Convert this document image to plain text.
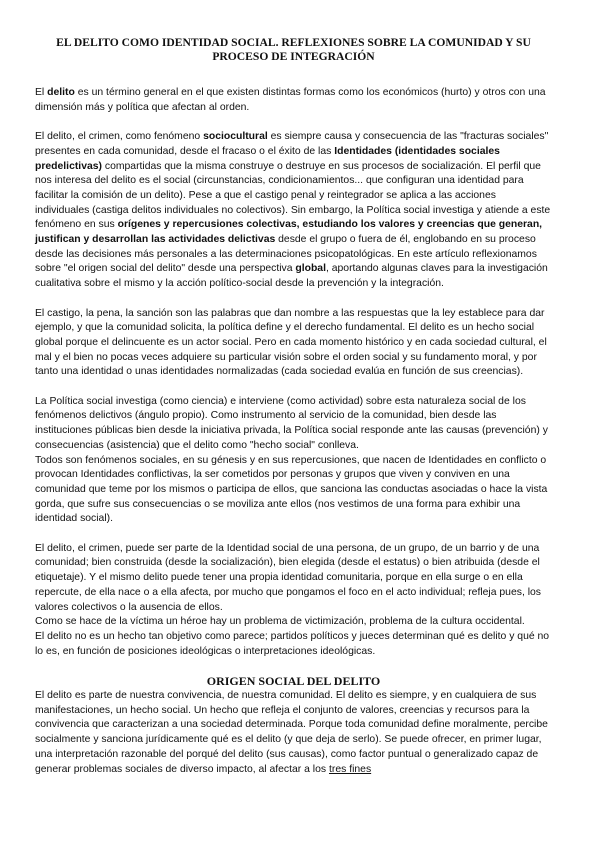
EL DELITO COMO IDENTIDAD SOCIAL. REFLEXIONES SOBRE LA COMUNIDAD Y SU PROCESO DE INTEGRACIÓN

El delito es un término general en el que existen distintas formas como los económicos (hurto) y otros con una dimensión más y política que afectan al orden.

El delito, el crimen, como fenómeno sociocultural es siempre causa y consecuencia de las "fracturas sociales" presentes en cada comunidad, desde el fracaso o el éxito de las Identidades (identidades sociales predelictivas) compartidas que la misma construye o destruye en sus procesos de socialización. El perfil que nos interesa del delito es el social (circunstancias, condicionamientos... que configuran una identidad para facilitar la comisión de un delito). Pese a que el castigo penal y reintegrador se aplica a las acciones individuales (castiga delitos individuales no colectivos). Sin embargo, la Política social investiga y atiende a este fenómeno en sus orígenes y repercusiones colectivas, estudiando los valores y creencias que generan, justifican y desarrollan las actividades delictivas desde el grupo o fuera de él, englobando en su proceso desde las decisiones más personales a las determinaciones psicopatológicas. En este artículo reflexionamos sobre "el origen social del delito" desde una perspectiva global, aportando algunas claves para la investigación cualitativa sobre el mismo y la acción político-social desde la prevención y la integración.

El castigo, la pena, la sanción son las palabras que dan nombre a las respuestas que la ley establece para dar ejemplo, y que la comunidad solicita, la política define y el derecho fundamental. El delito es un hecho social global porque el delincuente es un actor social. Pero en cada momento histórico y en cada sociedad cultural, el mal y el bien no pocas veces adquiere su particular visión sobre el orden social y su fundamento moral, y por tanto una identidad o unas identidades normalizadas (cada sociedad evalúa en función de sus creencias).

La Política social investiga (como ciencia) e interviene (como actividad) sobre esta naturaleza social de los fenómenos delictivos (ángulo propio). Como instrumento al servicio de la comunidad, bien desde las instituciones públicas bien desde la iniciativa privada, la Política social responde ante las causas (prevención) y consecuencias (asistencia) que el delito como "hecho social" conlleva.

Todos son fenómenos sociales, en su génesis y en sus repercusiones, que nacen de Identidades en conflicto o provocan Identidades conflictivas, la ser cometidos por personas y grupos que viven y conviven en una comunidad que teme por los mismos o participa de ellos, que sanciona las conductas asociadas o hace la vista gorda, que sufre sus consecuencias o se moviliza ante ellos (nos vestimos de una forma para exhibir una identidad social).

El delito, el crimen, puede ser parte de la Identidad social de una persona, de un grupo, de un barrio y de una comunidad; bien construida (desde la socialización), bien elegida (desde el estatus) o bien atribuida (desde el etiquetaje). Y el mismo delito puede tener una propia identidad comunitaria, porque en ella surge o en ella repercute, de ella nace o a ella afecta, por mucho que pongamos el foco en el acto individual; refleja pues, los valores colectivos o la ausencia de ellos.

Como se hace de la víctima un héroe hay un problema de victimización, problema de la cultura occidental.

El delito no es un hecho tan objetivo como parece; partidos políticos y jueces determinan qué es delito y qué no lo es, en función de posiciones ideológicas o interpretaciones ideológicas.

ORIGEN SOCIAL DEL DELITO

El delito es parte de nuestra convivencia, de nuestra comunidad. El delito es siempre, y en cualquiera de sus manifestaciones, un hecho social. Un hecho que refleja el conjunto de valores, creencias y recursos para la convivencia que caracterizan a una sociedad determinada. Porque toda comunidad define moralmente, percibe socialmente y sanciona jurídicamente qué es el delito (y que deja de serlo). Se puede ofrecer, en primer lugar, una interpretación razonable del porqué del delito (sus causas), como factor puntual o generalizado capaz de generar problemas sociales de diverso impacto, al afectar a los tres fines
